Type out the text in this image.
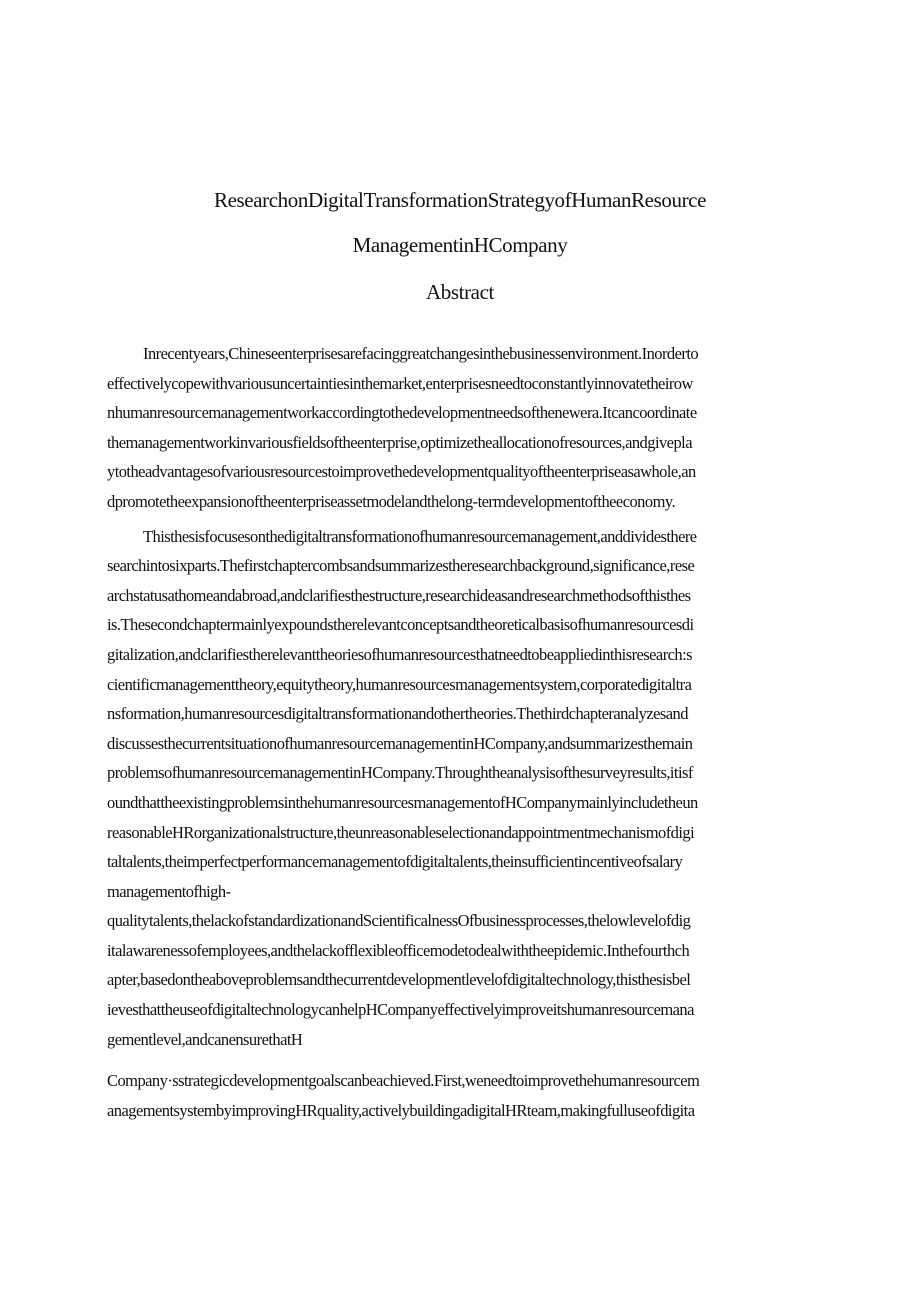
ResearchonDigitalTransformationStrategyofHumanResource
ManagementinHCompany
Abstract
Inrecentyears,Chineseenterprisesarefacinggreatchangesinthebusinessenvironment.Inorderto
effectivelycopewithvariousuncertaintiesinthemarket,enterprisesneedtoconstantlyinnovatetheirow
nhumanresourcemanagementworkaccordingtothedevelopmentneedsofthenewera.Itcancoordinate
themanagementworkinvariousfieldsoftheenterprise,optimizetheallocationofresources,andgivepla
ytotheadvantagesofvariousresourcestoimprovethedevelopmentqualityoftheenterpriseasawhole,an
dpromotetheexpansionoftheenterpriseassetmodelandthelong-termdevelopmentoftheeconomy.
Thisthesisfocusesonthedigitaltransformationofhumanresourcemanagement,anddividesthere
searchintosixparts.Thefirstchaptercombsandsummarizestheresearchbackground,significance,rese
archstatusathomeandabroad,andclarifiesthestructure,researchideasandresearchmethodsofthisthes
is.Thesecondchaptermainlyexpoundstherelevantconceptsandtheoreticalbasisofhumanresourcesdi
gitalization,andclarifiestherelevanttheoriesofhumanresourcesthatneedtobeappliedinthisresearch:s
cientificmanagementtheory,equitytheory,humanresourcesmanagementsystem,corporatedigitaltra
nsformation,humanresourcesdigitaltransformationandothertheories.Thethirdchapteranalyzesand
discussesthecurrentsituationofhumanresourcemanagementinHCompany,andsummarizesthemain
problemsofhumanresourcemanagementinHCompany.Throughtheanalysisofthesurveyresults,itisf
oundthattheexistingproblemsinthehumanresourcesmanagementofHCompanymainlyincludetheun
reasonableHRorganizationalstructure,theunreasonableselectionandappointmentmechanismofdigi
taltalents,theimperfectperformancemanagementofdigitaltalents,theinsufficientincentiveofsalary
managementofhigh-
qualitytalents,thelackofstandardizationandScientificalnessOfbusinessprocesses,thelowlevelofdig
italawarenessofemployees,andthelackofflexibleofficemodetodealwiththeepidemic.Inthefourthch
apter,basedontheaboveproblemsandthecurrentdevelopmentlevelofdigitaltechnology,thisthesisbel
ievesthattheuseofdigitaltechnologycanhelpHCompanyeffectivelyimproveitshumanresourcemana
gementlevel,andcanensurethatH
Company·sstrategicdevelopmentgoalscanbeachieved.First,weneedtoimprovethehumanresourcem
anagementsystembyimprovingHRquality,activelybuildingadigitalHRteam,makingfulluseofdigita
